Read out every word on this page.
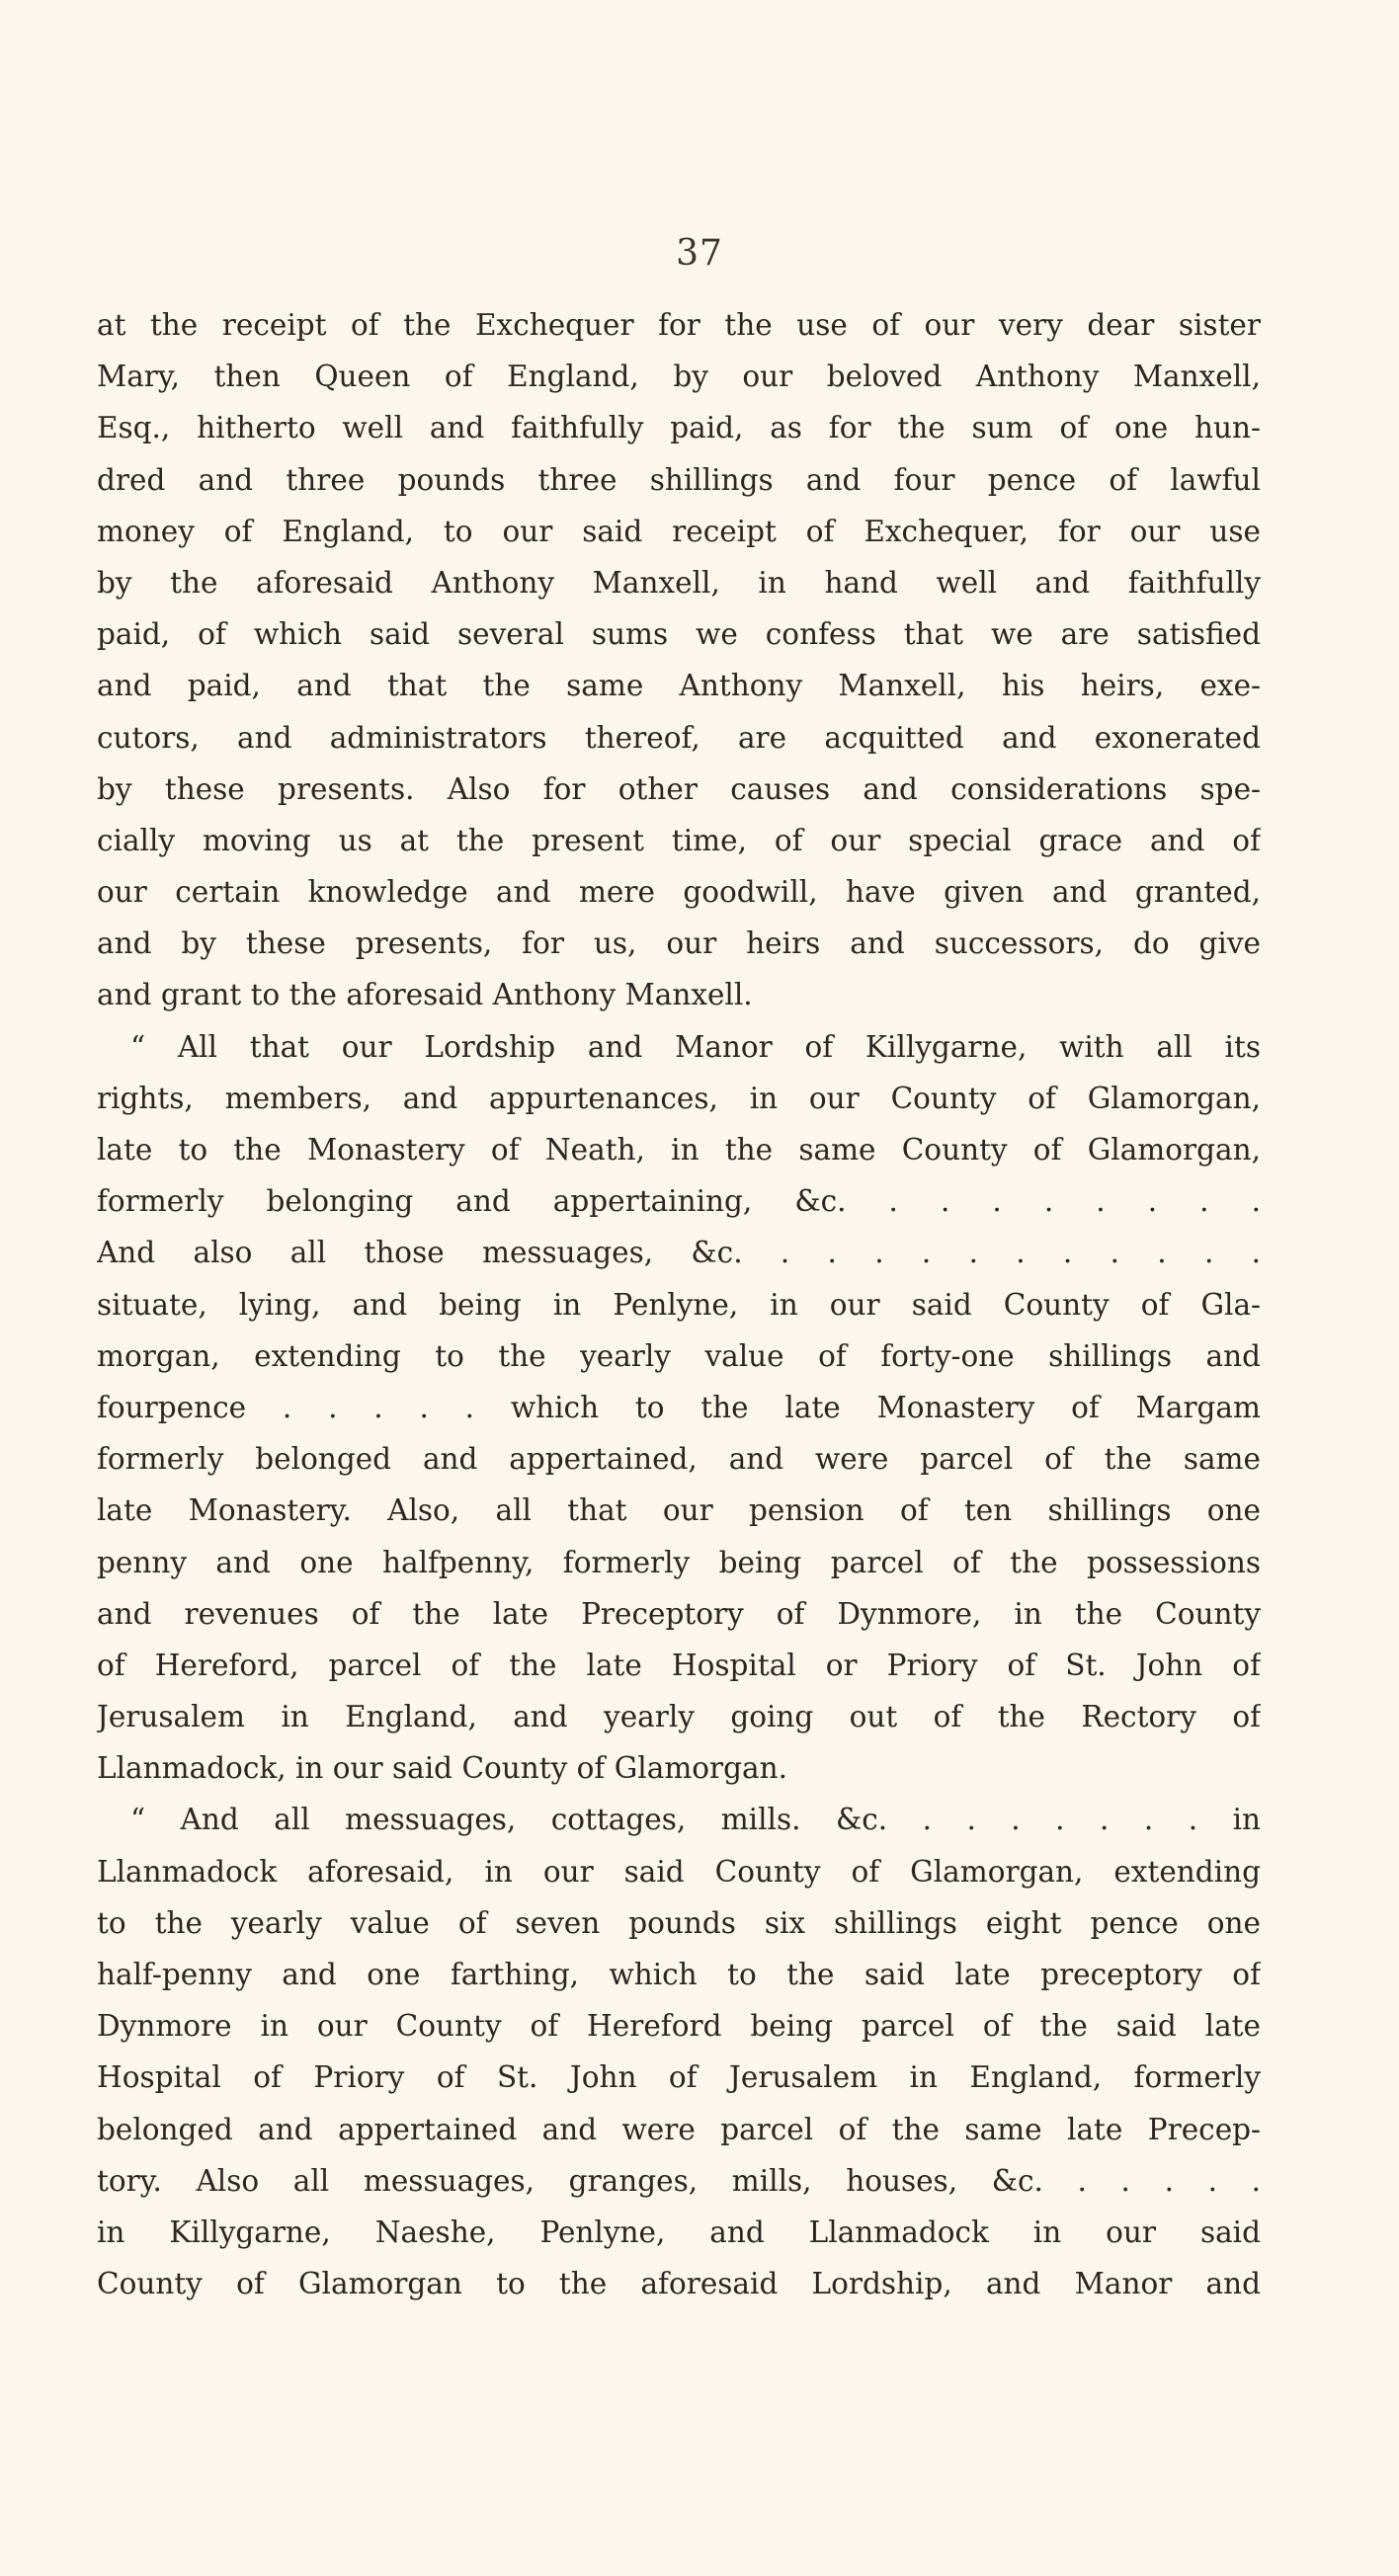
37
at the receipt of the Exchequer for the use of our very dear sister
Mary, then Queen of England, by our beloved Anthony Manxell,
Esq., hitherto well and faithfully paid, as for the sum of one hun-
dred and three pounds three shillings and four pence of lawful
money of England, to our said receipt of Exchequer, for our use
by the aforesaid Anthony Manxell, in hand well and faithfully
paid, of which said several sums we confess that we are satisfied
and paid, and that the same Anthony Manxell, his heirs, exe-
cutors, and administrators thereof, are acquitted and exonerated
by these presents. Also for other causes and considerations spe-
cially moving us at the present time, of our special grace and of
our certain knowledge and mere goodwill, have given and granted,
and by these presents, for us, our heirs and successors, do give
and grant to the aforesaid Anthony Manxell.
“ All that our Lordship and Manor of Killygarne, with all its
rights, members, and appurtenances, in our County of Glamorgan,
late to the Monastery of Neath, in the same County of Glamorgan,
formerly belonging and appertaining, &c. . . . . . . . .
And also all those messuages, &c. . . . . . . . . . . .
situate, lying, and being in Penlyne, in our said County of Gla-
morgan, extending to the yearly value of forty-one shillings and
fourpence . . . . . which to the late Monastery of Margam
formerly belonged and appertained, and were parcel of the same
late Monastery. Also, all that our pension of ten shillings one
penny and one halfpenny, formerly being parcel of the possessions
and revenues of the late Preceptory of Dynmore, in the County
of Hereford, parcel of the late Hospital or Priory of St. John of
Jerusalem in England, and yearly going out of the Rectory of
Llanmadock, in our said County of Glamorgan.
“ And all messuages, cottages, mills. &c. . . . . . . . in
Llanmadock aforesaid, in our said County of Glamorgan, extending
to the yearly value of seven pounds six shillings eight pence one
half-penny and one farthing, which to the said late preceptory of
Dynmore in our County of Hereford being parcel of the said late
Hospital of Priory of St. John of Jerusalem in England, formerly
belonged and appertained and were parcel of the same late Precep-
tory. Also all messuages, granges, mills, houses, &c. . . . . .
in Killygarne, Naeshe, Penlyne, and Llanmadock in our said
County of Glamorgan to the aforesaid Lordship, and Manor and
